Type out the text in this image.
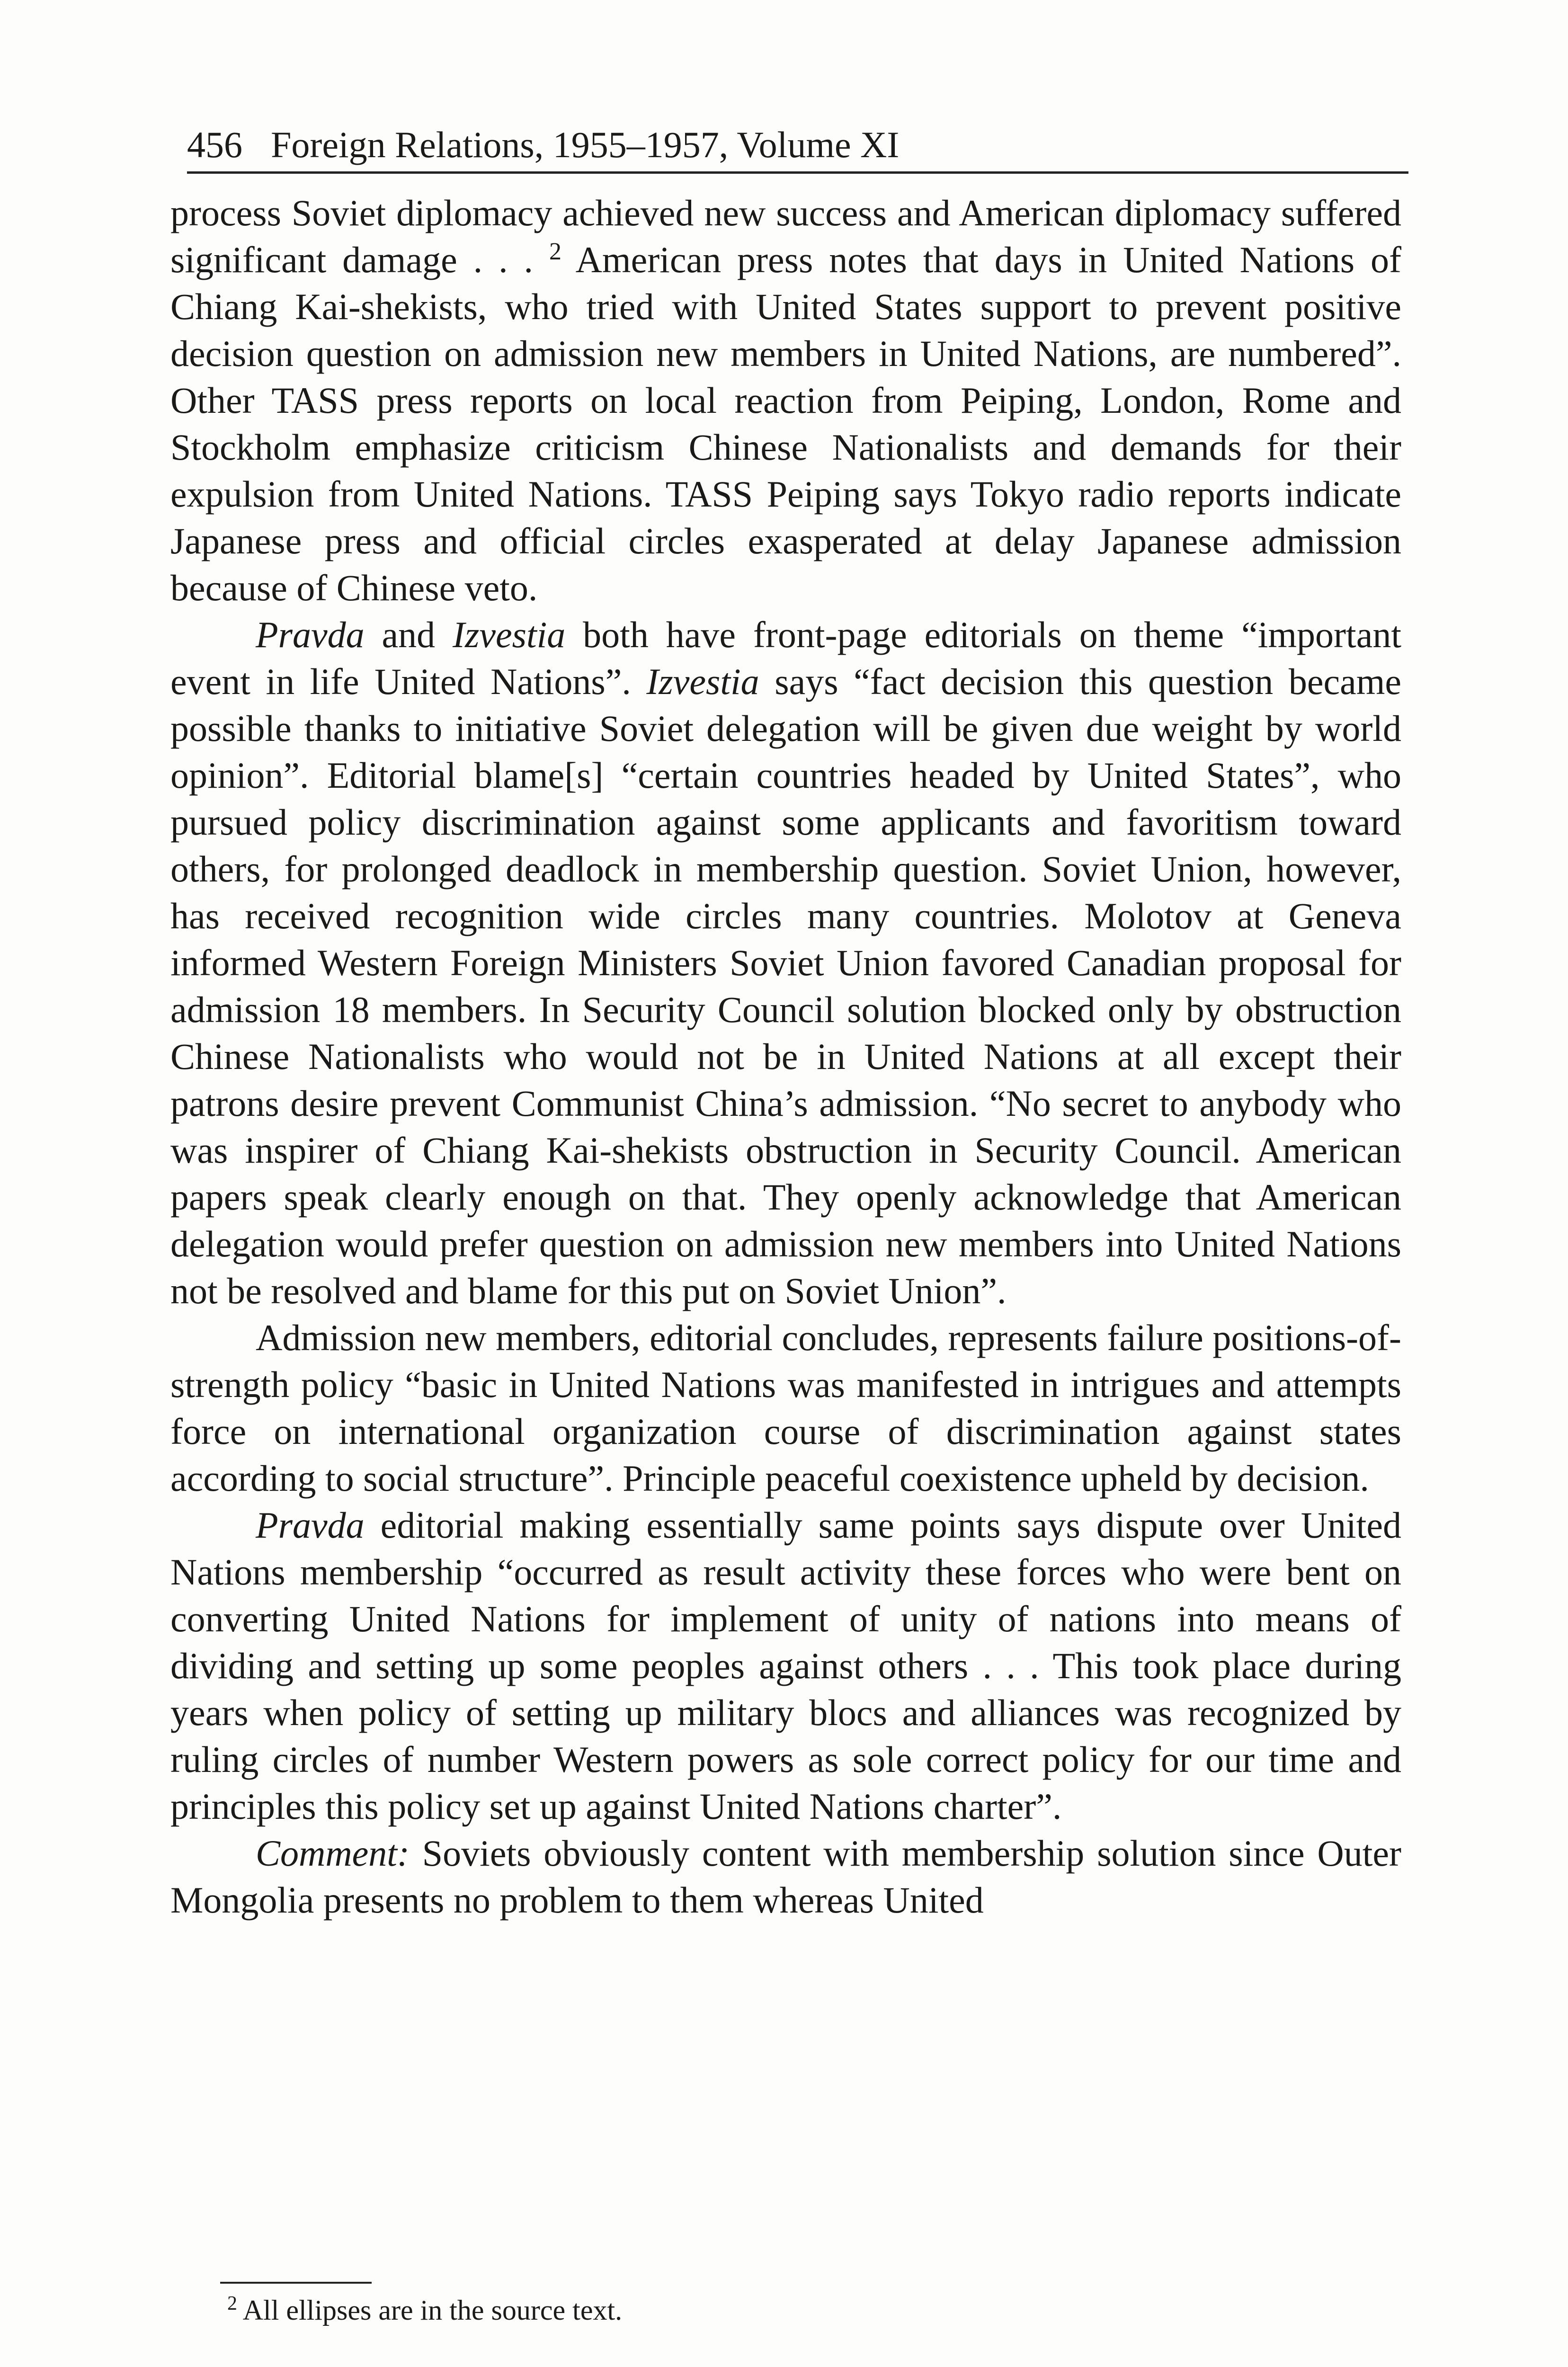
456 Foreign Relations, 1955–1957, Volume XI

process Soviet diplomacy achieved new success and American diplomacy suffered significant damage . . . $^2$ American press notes that days in United Nations of Chiang Kai-shekists, who tried with United States support to prevent positive decision question on admission new members in United Nations, are numbered”. Other TASS press reports on local reaction from Peiping, London, Rome and Stockholm emphasize criticism Chinese Nationalists and demands for their expulsion from United Nations. TASS Peiping says Tokyo radio reports indicate Japanese press and official circles exasperated at delay Japanese admission because of Chinese veto.

Pravda and Izvestia both have front-page editorials on theme “important event in life United Nations”. Izvestia says “fact decision this question became possible thanks to initiative Soviet delegation will be given due weight by world opinion”. Editorial blame[s] “certain countries headed by United States”, who pursued policy discrimination against some applicants and favoritism toward others, for prolonged deadlock in membership question. Soviet Union, however, has received recognition wide circles many countries. Molotov at Geneva informed Western Foreign Ministers Soviet Union favored Canadian proposal for admission 18 members. In Security Council solution blocked only by obstruction Chinese Nationalists who would not be in United Nations at all except their patrons desire prevent Communist China’s admission. “No secret to anybody who was inspirer of Chiang Kai-shekists obstruction in Security Council. American papers speak clearly enough on that. They openly acknowledge that American delegation would prefer question on admission new members into United Nations not be resolved and blame for this put on Soviet Union”.

Admission new members, editorial concludes, represents failure positions-of-strength policy “basic in United Nations was manifested in intrigues and attempts force on international organization course of discrimination against states according to social structure”. Principle peaceful coexistence upheld by decision.

Pravda editorial making essentially same points says dispute over United Nations membership “occurred as result activity these forces who were bent on converting United Nations for implement of unity of nations into means of dividing and setting up some peoples against others . . . This took place during years when policy of setting up military blocs and alliances was recognized by ruling circles of number Western powers as sole correct policy for our time and principles this policy set up against United Nations charter”.

Comment: Soviets obviously content with membership solution since Outer Mongolia presents no problem to them whereas United

$^2$ All ellipses are in the source text.
